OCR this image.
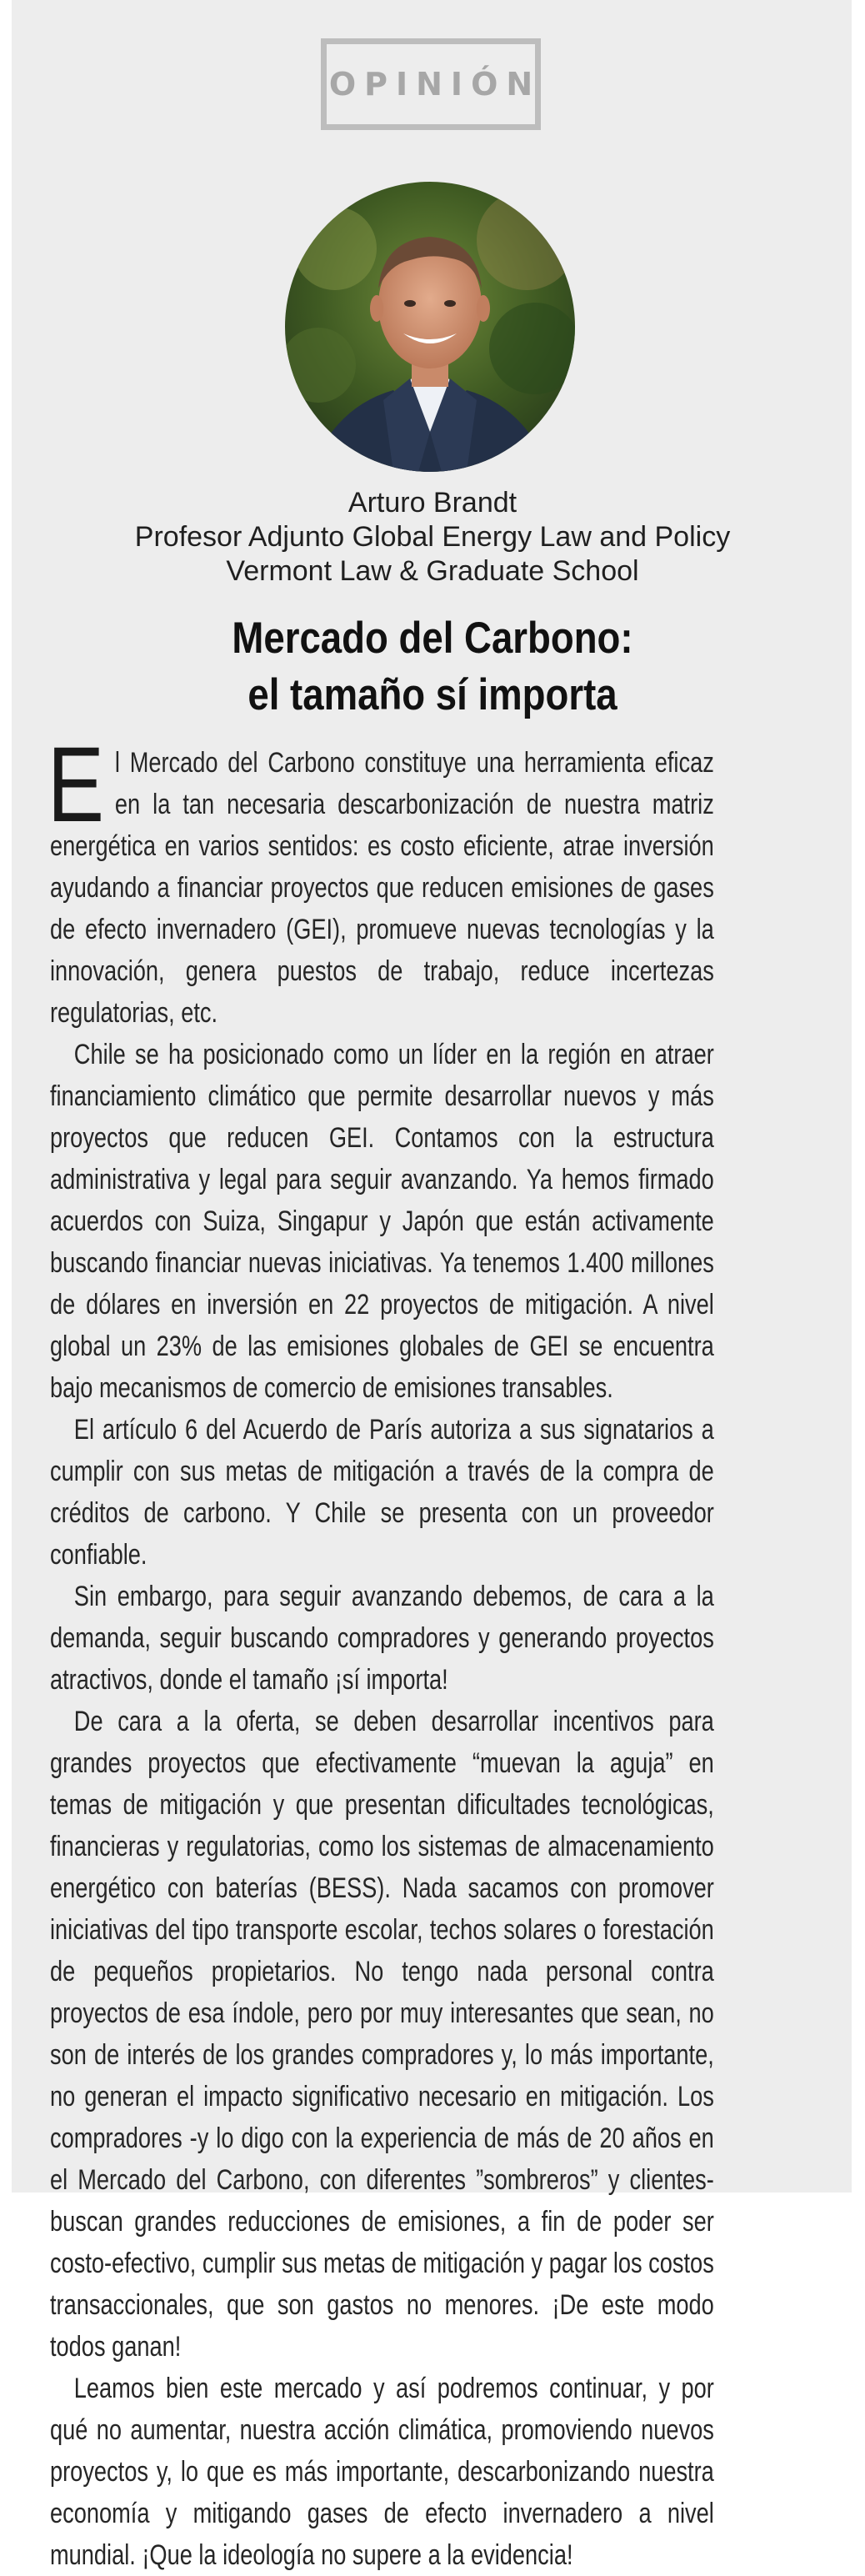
OPINIÓN
Arturo Brandt
Profesor Adjunto Global Energy Law and Policy
Vermont Law & Graduate School
Mercado del Carbono:
el tamaño sí importa

El Mercado del Carbono constituye una herramienta eficaz en la tan necesaria descarbonización de nuestra matriz energética en varios sentidos: es costo eficiente, atrae inversión ayudando a financiar proyectos que reducen emisiones de gases de efecto invernadero (GEI), promueve nuevas tecnologías y la innovación, genera puestos de trabajo, reduce incertezas regulatorias, etc.

Chile se ha posicionado como un líder en la región en atraer financiamiento climático que permite desarrollar nuevos y más proyectos que reducen GEI. Contamos con la estructura administrativa y legal para seguir avanzando. Ya hemos firmado acuerdos con Suiza, Singapur y Japón que están activamente buscando financiar nuevas iniciativas. Ya tenemos 1.400 millones de dólares en inversión en 22 proyectos de mitigación. A nivel global un 23% de las emisiones globales de GEI se encuentra bajo mecanismos de comercio de emisiones transables.

El artículo 6 del Acuerdo de París autoriza a sus signatarios a cumplir con sus metas de mitigación a través de la compra de créditos de carbono. Y Chile se presenta con un proveedor confiable.

Sin embargo, para seguir avanzando debemos, de cara a la demanda, seguir buscando compradores y generando proyectos atractivos, donde el tamaño ¡sí importa!

De cara a la oferta, se deben desarrollar incentivos para grandes proyectos que efectivamente “muevan la aguja” en temas de mitigación y que presentan dificultades tecnológicas, financieras y regulatorias, como los sistemas de almacenamiento energético con baterías (BESS). Nada sacamos con promover iniciativas del tipo transporte escolar, techos solares o forestación de pequeños propietarios. No tengo nada personal contra proyectos de esa índole, pero por muy interesantes que sean, no son de interés de los grandes compradores y, lo más importante, no generan el impacto significativo necesario en mitigación. Los compradores -y lo digo con la experiencia de más de 20 años en el Mercado del Carbono, con diferentes ”sombreros” y clientes- buscan grandes reducciones de emisiones, a fin de poder ser costo-efectivo, cumplir sus metas de mitigación y pagar los costos transaccionales, que son gastos no menores. ¡De este modo todos ganan!

Leamos bien este mercado y así podremos continuar, y por qué no aumentar, nuestra acción climática, promoviendo nuevos proyectos y, lo que es más importante, descarbonizando nuestra economía y mitigando gases de efecto invernadero a nivel mundial. ¡Que la ideología no supere a la evidencia!
